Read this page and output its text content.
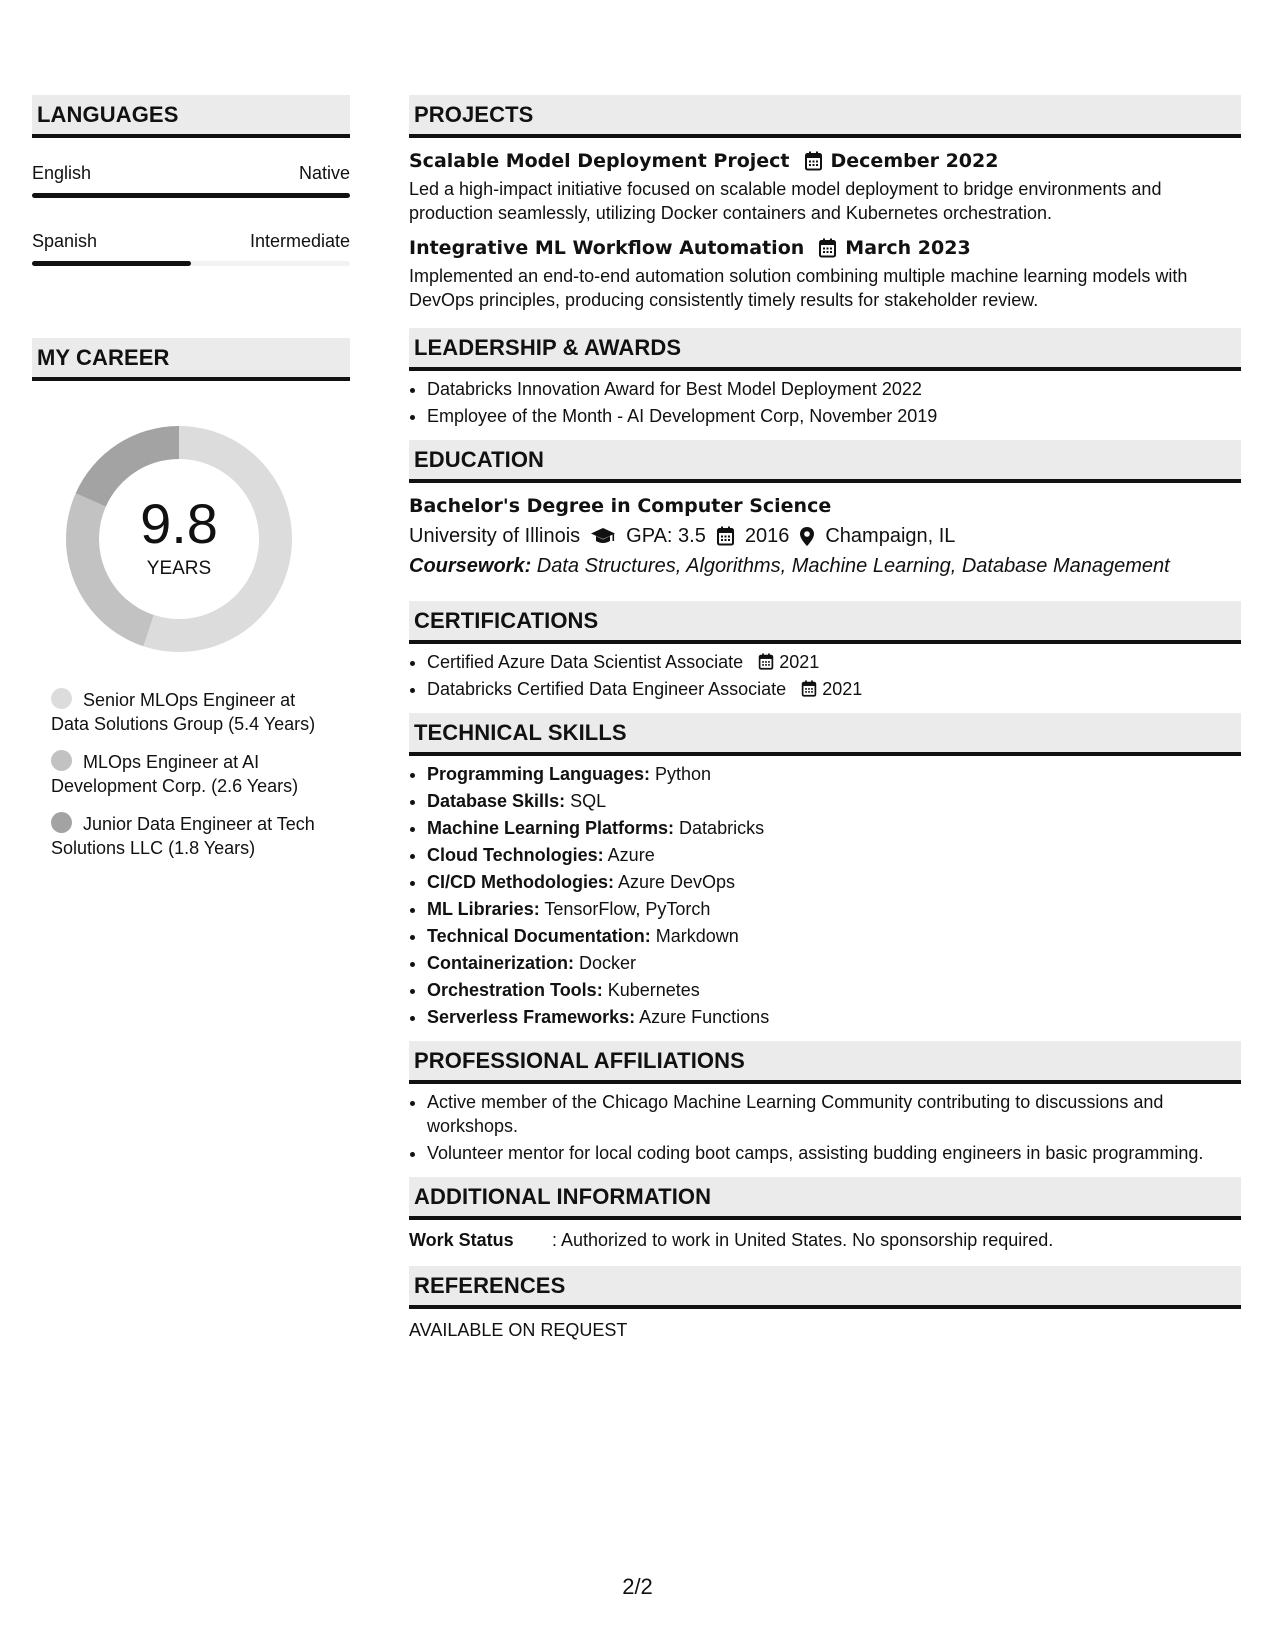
LANGUAGES
English	Native
Spanish	Intermediate
MY CAREER
9.8
YEARS
Senior MLOps Engineer at Data Solutions Group (5.4 Years)
MLOps Engineer at AI Development Corp. (2.6 Years)
Junior Data Engineer at Tech Solutions LLC (1.8 Years)
PROJECTS
Scalable Model Deployment Project December 2022
Led a high-impact initiative focused on scalable model deployment to bridge environments and production seamlessly, utilizing Docker containers and Kubernetes orchestration.
Integrative ML Workflow Automation March 2023
Implemented an end-to-end automation solution combining multiple machine learning models with DevOps principles, producing consistently timely results for stakeholder review.
LEADERSHIP & AWARDS
• Databricks Innovation Award for Best Model Deployment 2022
• Employee of the Month - AI Development Corp, November 2019
EDUCATION
Bachelor's Degree in Computer Science
University of Illinois GPA: 3.5 2016 Champaign, IL
Coursework: Data Structures, Algorithms, Machine Learning, Database Management
CERTIFICATIONS
• Certified Azure Data Scientist Associate 2021
• Databricks Certified Data Engineer Associate 2021
TECHNICAL SKILLS
• Programming Languages: Python
• Database Skills: SQL
• Machine Learning Platforms: Databricks
• Cloud Technologies: Azure
• CI/CD Methodologies: Azure DevOps
• ML Libraries: TensorFlow, PyTorch
• Technical Documentation: Markdown
• Containerization: Docker
• Orchestration Tools: Kubernetes
• Serverless Frameworks: Azure Functions
PROFESSIONAL AFFILIATIONS
• Active member of the Chicago Machine Learning Community contributing to discussions and workshops.
• Volunteer mentor for local coding boot camps, assisting budding engineers in basic programming.
ADDITIONAL INFORMATION
Work Status	: Authorized to work in United States. No sponsorship required.
REFERENCES
AVAILABLE ON REQUEST
2/2
